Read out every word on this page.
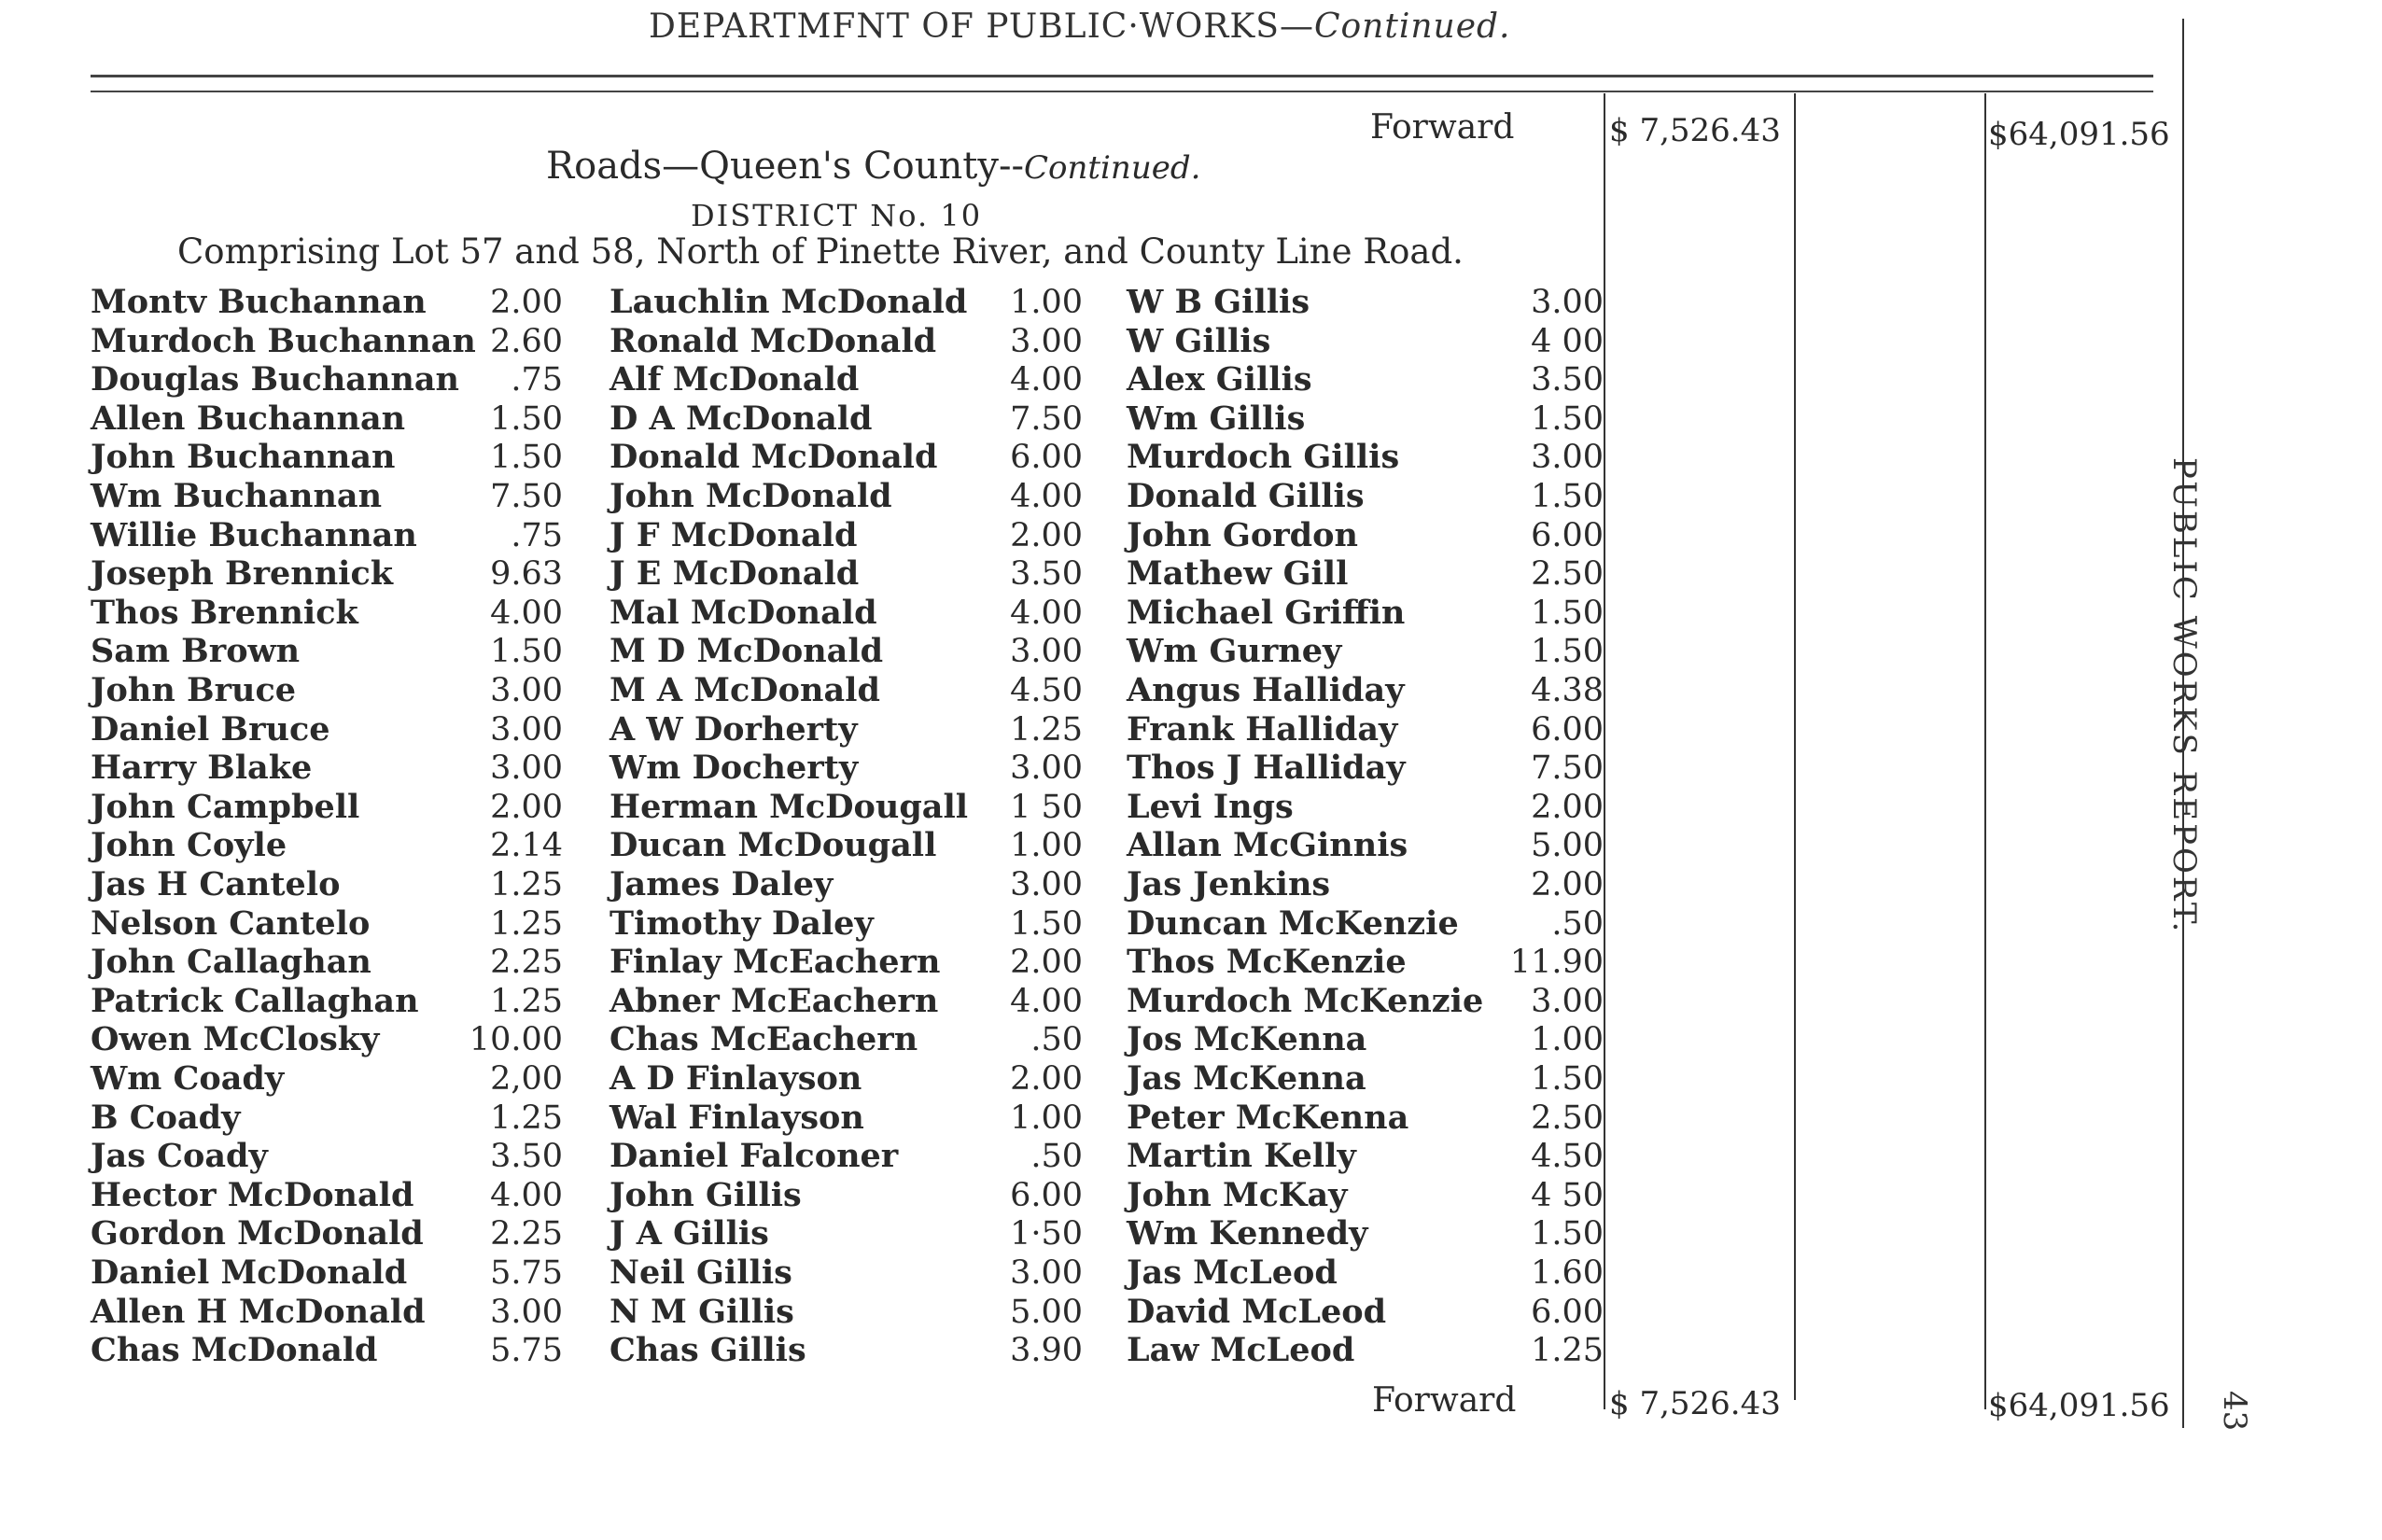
DEPARTMFNT OF PUBLIC·WORKS—Continued.
Forward	$ 7,526.43	$64,091.56
Roads—Queen's County--Continued.
DISTRICT No. 10
Comprising Lot 57 and 58, North of Pinette River, and County Line Road.
Montv Buchannan 2.00 Lauchlin McDonald 1.00 W B Gillis	3.00
Murdoch Buchannan 2.60 Ronald McDonald 3.00 W Gillis	4 00
Douglas Buchannan .75 Alf McDonald	4.00 Alex Gillis	3.50
Allen Buchannan	1.50 D A McDonald	7.50 Wm Gillis	1.50
John Buchannan	1.50 Donald McDonald 6.00 Murdoch Gillis	3.00
Wm Buchannan	7.50 John McDonald	4.00 Donald Gillis	1.50
Willie Buchannan	.75 J F McDonald	2.00 John Gordon	6.00
Joseph Brennick	9.63 J E McDonald	3.50 Mathew Gill	2.50
Thos Brennick	4.00 Mal McDonald	4.00 Michael Griffin	1.50
Sam Brown	1.50 M D McDonald	3.00 Wm Gurney	1.50
John Bruce	3.00 M A McDonald	4.50 Angus Halliday	4.38
Daniel Bruce	3.00 A W Dorherty	1.25 Frank Halliday	6.00
Harry Blake	3.00 Wm Docherty	3.00 Thos J Halliday	7.50
John Campbell	2.00 Herman McDougall 1 50 Levi Ings	2.00
John Coyle	2.14 Ducan McDougall 1.00 Allan McGinnis	5.00
Jas H Cantelo	1.25 James Daley	3.00 Jas Jenkins	2.00
Nelson Cantelo	1.25 Timothy Daley	1.50 Duncan McKenzie	.50
John Callaghan	2.25 Finlay McEachern 2.00 Thos McKenzie	11.90
Patrick Callaghan 1.25 Abner McEachern 4.00 Murdoch McKenzie 3.00
Owen McClosky	10.00 Chas McEachern	.50 Jos McKenna	1.00
Wm Coady	2,00 A D Finlayson	2.00 Jas McKenna	1.50
B Coady	1.25 Wal Finlayson	1.00 Peter McKenna	2.50
Jas Coady	3.50 Daniel Falconer	.50 Martin Kelly	4.50
Hector McDonald 4.00 John Gillis	6.00 John McKay	4 50
Gordon McDonald 2.25 J A Gillis	1·50 Wm Kennedy	1.50
Daniel McDonald	5.75 Neil Gillis	3.00 Jas McLeod	1.60
Allen H McDonald 3.00 N M Gillis	5.00 David McLeod	6.00
Chas McDonald	5.75 Chas Gillis	3.90 Law McLeod	1.25
Forward	$ 7,526.43	$64,091.56
PUBLIC WORKS REPORT.
43
